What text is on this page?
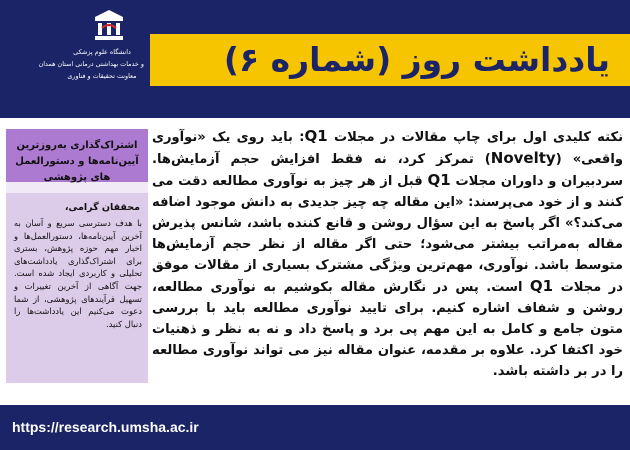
دانشگاه علوم پزشکی
و خدمات بهداشتی درمانی استان همدان
معاونت تحقیقات و فناوری	یادداشت روز (شماره ۶)
اشتراک‌گذاری به‌روزترین آیین‌نامه‌ها و دستورالعمل های پژوهشی
محققان گرامی،
با هدف دسترسی سریع و آسان به آخرین آیین‌نامه‌ها، دستورالعمل‌ها و اخبار مهم حوزه پژوهش، بستری برای اشتراک‌گذاری یادداشت‌های تحلیلی و کاربردی ایجاد شده است. جهت آگاهی از آخرین تغییرات و تسهیل فرآیندهای پژوهشی، از شما دعوت می‌کنیم این یادداشت‌ها را دنبال کنید.
نکته کلیدی اول برای چاپ مقالات در مجلات Q1: باید روی یک «نوآوری واقعی» (Novelty) تمرکز کرد، نه فقط افزایش حجم آزمایش‌ها. سردبیران و داوران مجلات Q1 قبل از هر چیز به نوآوری مطالعه دقت می کنند و از خود می‌پرسند: «این مقاله چه چیز جدیدی به دانش موجود اضافه می‌کند؟» اگر پاسخ به این سؤال روشن و قانع کننده باشد، شانس پذیرش مقاله به‌مراتب بیشتر می‌شود؛ حتی اگر مقاله از نظر حجم آزمایش‌ها متوسط باشد. نوآوری، مهم‌ترین ویژگی مشترک بسیاری از مقالات موفق در مجلات Q1 است. پس در نگارش مقاله بکوشیم به نوآوری مطالعه، روشن و شفاف اشاره کنیم. برای تایید نوآوری مطالعه باید با بررسی متون جامع و کامل به این مهم پی برد و پاسخ داد و نه به نظر و ذهنیات خود اکتفا کرد. علاوه بر مقدمه، عنوان مقاله نیز می تواند نوآوری مطالعه را در بر داشته باشد.
https://research.umsha.ac.ir
